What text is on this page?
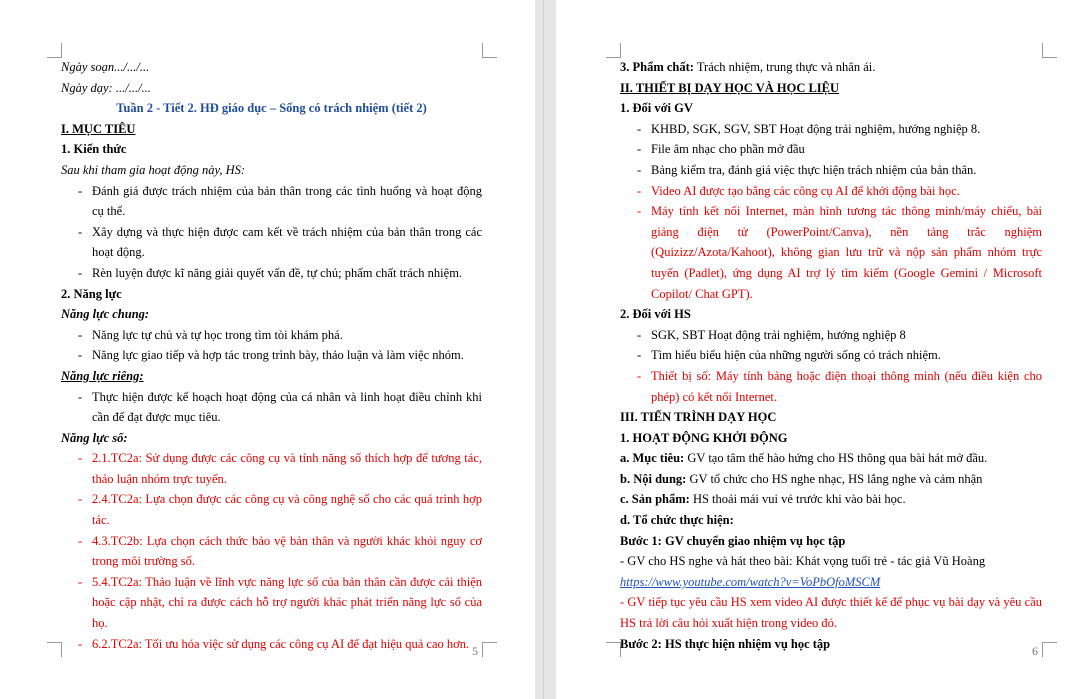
Ngày soạn.../.../...

Ngày dạy: .../.../...

Tuần 2 - Tiết 2. HĐ giáo dục – Sống có trách nhiệm (tiết 2)

I. MỤC TIÊU

1. Kiến thức

Sau khi tham gia hoạt động này, HS:

- Đánh giá được trách nhiệm của bản thân trong các tình huống và hoạt động cụ thể.

- Xây dựng và thực hiện được cam kết về trách nhiệm của bản thân trong các hoạt động.

- Rèn luyện được kĩ năng giải quyết vấn đề, tự chủ; phẩm chất trách nhiệm.

2. Năng lực

Năng lực chung:

- Năng lực tự chủ và tự học trong tìm tòi khám phá.

- Năng lực giao tiếp và hợp tác trong trình bày, thảo luận và làm việc nhóm.

Năng lực riêng:

- Thực hiện được kế hoạch hoạt động của cá nhân và linh hoạt điều chỉnh khi cần để đạt được mục tiêu.

Năng lực số:

- 2.1.TC2a: Sử dụng được các công cụ và tính năng số thích hợp để tương tác, thảo luận nhóm trực tuyến.

- 2.4.TC2a: Lựa chọn được các công cụ và công nghệ số cho các quá trình hợp tác.

- 4.3.TC2b: Lựa chọn cách thức bảo vệ bản thân và người khác khỏi nguy cơ trong môi trường số.

- 5.4.TC2a: Thảo luận về lĩnh vực năng lực số của bản thân cần được cải thiện hoặc cập nhật, chỉ ra được cách hỗ trợ người khác phát triển năng lực số của họ.

- 6.2.TC2a: Tối ưu hóa việc sử dụng các công cụ AI để đạt hiệu quả cao hơn.

5

3. Phẩm chất: Trách nhiệm, trung thực và nhân ái.

II. THIẾT BỊ DẠY HỌC VÀ HỌC LIỆU

1. Đối với GV

- KHBD, SGK, SGV, SBT Hoạt động trải nghiệm, hướng nghiệp 8.

- File âm nhạc cho phần mở đầu

- Bảng kiểm tra, đánh giá việc thực hiện trách nhiệm của bản thân.

- Video AI được tạo bằng các công cụ AI để khởi động bài học.

- Máy tính kết nối Internet, màn hình tương tác thông minh/máy chiếu, bài giảng điện tử (PowerPoint/Canva), nền tảng trắc nghiệm (Quizizz/Azota/Kahoot), không gian lưu trữ và nộp sản phẩm nhóm trực tuyến (Padlet), ứng dụng AI trợ lý tìm kiếm (Google Gemini / Microsoft Copilot/ Chat GPT).

2. Đối với HS

- SGK, SBT Hoạt động trải nghiệm, hướng nghiệp 8

- Tìm hiểu biểu hiện của những người sống có trách nhiệm.

- Thiết bị số: Máy tính bảng hoặc điện thoại thông minh (nếu điều kiện cho phép) có kết nối Internet.

III. TIẾN TRÌNH DẠY HỌC

1. HOẠT ĐỘNG KHỞI ĐỘNG

a. Mục tiêu: GV tạo tâm thế hào hứng cho HS thông qua bài hát mở đầu.

b. Nội dung: GV tổ chức cho HS nghe nhạc, HS lắng nghe và cảm nhận

c. Sản phẩm: HS thoải mái vui vẻ trước khi vào bài học.

d. Tổ chức thực hiện:

Bước 1: GV chuyển giao nhiệm vụ học tập

- GV cho HS nghe và hát theo bài: Khát vọng tuổi trẻ - tác giả Vũ Hoàng

https://www.youtube.com/watch?v=VoPbOfoMSCM

- GV tiếp tục yêu cầu HS xem video AI được thiết kế để phục vụ bài dạy và yêu cầu HS trả lời câu hỏi xuất hiện trong video đó.

Bước 2: HS thực hiện nhiệm vụ học tập

6
